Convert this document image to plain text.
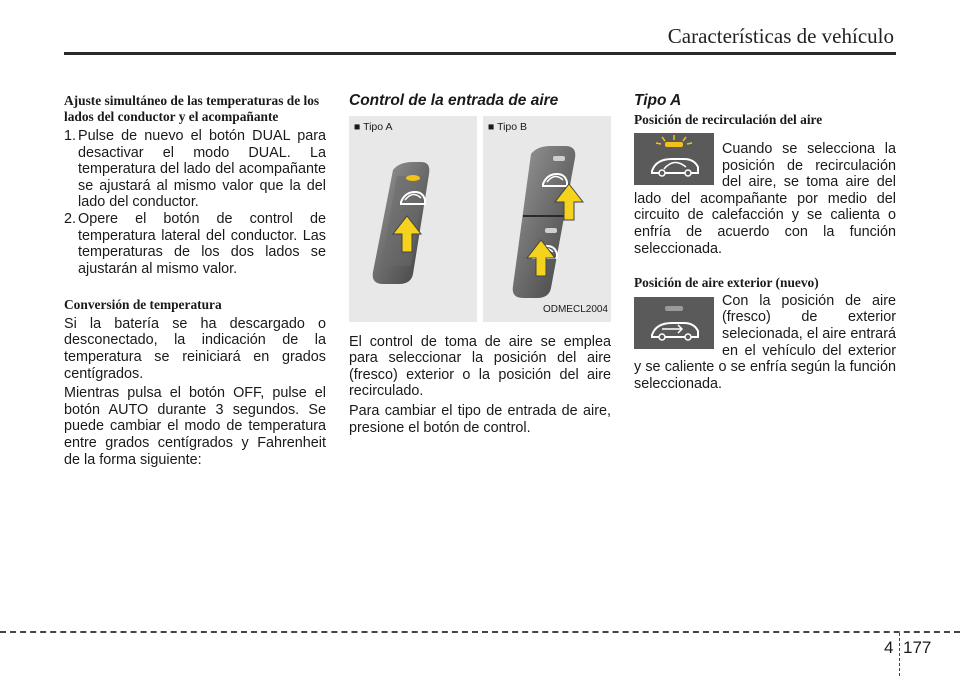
Características de vehículo
Ajuste simultáneo de las temperaturas de los lados del conductor y el acompañante
1. Pulse de nuevo el botón DUAL para desactivar el modo DUAL. La temperatura del lado del acompañante se ajustará al mismo valor que la del lado del conductor.
2. Opere el botón de control de temperatura lateral del conductor. Las temperaturas de los dos lados se ajustarán al mismo valor.
Conversión de temperatura

Si la batería se ha descargado o desconectado, la indicación de la temperatura se reiniciará en grados centígrados.

Mientras pulsa el botón OFF, pulse el botón AUTO durante 3 segundos. Se puede cambiar el modo de temperatura entre grados centígrados y Fahrenheit de la forma siguiente:

Control de la entrada de aire
■ Tipo A	■ Tipo B
ODMECL2004

El control de toma de aire se emplea para seleccionar la posición del aire (fresco) exterior o la posición del aire recirculado.

Para cambiar el tipo de entrada de aire, presione el botón de control.

Tipo A
Posición de recirculación del aire

Cuando se selecciona la posición de recirculación del aire, se toma aire del lado del acompañante por medio del circuito de calefacción y se calienta o enfría de acuerdo con la función seleccionada.

Posición de aire exterior (nuevo)

Con la posición de aire (fresco) de exterior selecionada, el aire entrará en el vehículo del exterior y se caliente o se enfría según la función seleccionada.

4 177
